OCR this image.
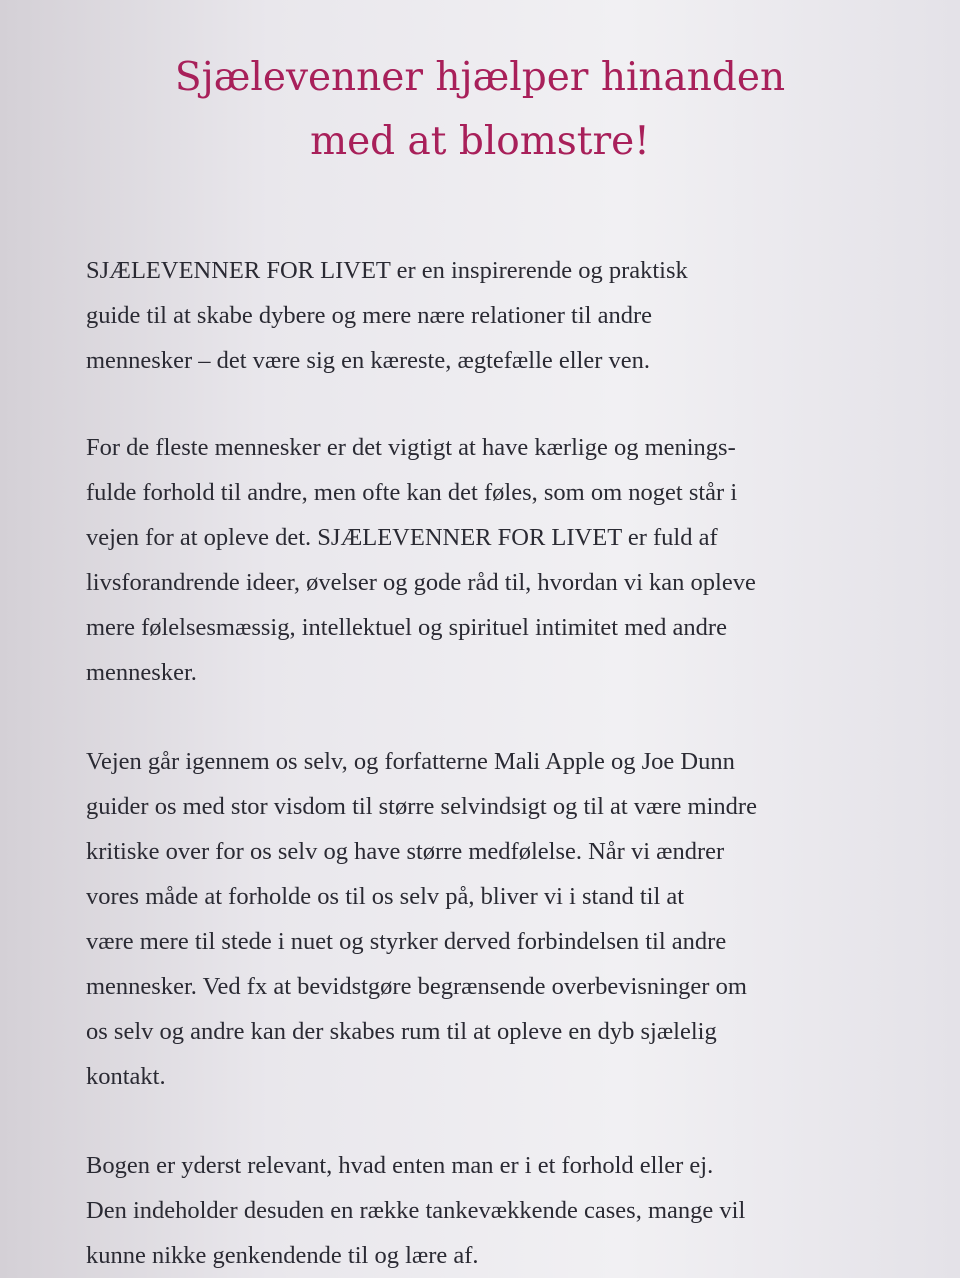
Sjælevenner hjælper hinanden
med at blomstre!

SJÆLEVENNER FOR LIVET er en inspirerende og praktisk
guide til at skabe dybere og mere nære relationer til andre
mennesker – det være sig en kæreste, ægtefælle eller ven.

For de fleste mennesker er det vigtigt at have kærlige og menings-
fulde forhold til andre, men ofte kan det føles, som om noget står i
vejen for at opleve det. SJÆLEVENNER FOR LIVET er fuld af
livsforandrende ideer, øvelser og gode råd til, hvordan vi kan opleve
mere følelsesmæssig, intellektuel og spirituel intimitet med andre
mennesker.

Vejen går igennem os selv, og forfatterne Mali Apple og Joe Dunn
guider os med stor visdom til større selvindsigt og til at være mindre
kritiske over for os selv og have større medfølelse. Når vi ændrer
vores måde at forholde os til os selv på, bliver vi i stand til at
være mere til stede i nuet og styrker derved forbindelsen til andre
mennesker. Ved fx at bevidstgøre begrænsende overbevisninger om
os selv og andre kan der skabes rum til at opleve en dyb sjælelig
kontakt.

Bogen er yderst relevant, hvad enten man er i et forhold eller ej.
Den indeholder desuden en række tankevækkende cases, mange vil
kunne nikke genkendende til og lære af.
